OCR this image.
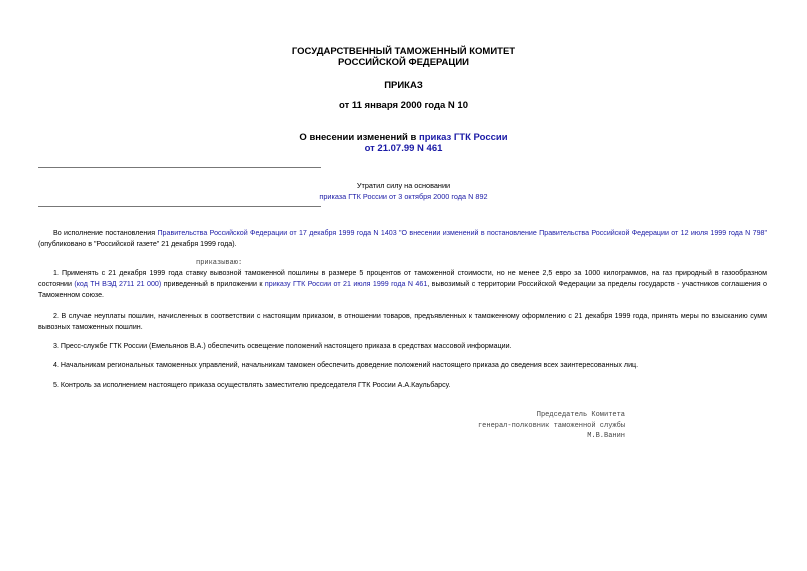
ГОСУДАРСТВЕННЫЙ ТАМОЖЕННЫЙ КОМИТЕТ
РОССИЙСКОЙ ФЕДЕРАЦИИ
ПРИКАЗ
от 11 января 2000 года N 10
О внесении изменений в приказ ГТК России
от 21.07.99 N 461
Утратил силу на основании
приказа ГТК России от 3 октября 2000 года N 892
Во исполнение постановления Правительства Российской Федерации от 17 декабря 1999 года N 1403 "О внесении изменений в постановление Правительства Российской Федерации от 12 июля 1999 года N 798" (опубликовано в "Российской газете" 21 декабря 1999 года).
приказываю:
1. Применять с 21 декабря 1999 года ставку вывозной таможенной пошлины в размере 5 процентов от таможенной стоимости, но не менее 2,5 евро за 1000 килограммов, на газ природный в газообразном состоянии (код ТН ВЭД 2711 21 000) приведенный в приложении к приказу ГТК России от 21 июля 1999 года N 461, вывозимый с территории Российской Федерации за пределы государств - участников соглашения о Таможенном союзе.
2. В случае неуплаты пошлин, начисленных в соответствии с настоящим приказом, в отношении товаров, предъявленных к таможенному оформлению с 21 декабря 1999 года, принять меры по взысканию сумм вывозных таможенных пошлин.
3. Пресс-службе ГТК России (Емельянов В.А.) обеспечить освещение положений настоящего приказа в средствах массовой информации.
4. Начальникам региональных таможенных управлений, начальникам таможен обеспечить доведение положений настоящего приказа до сведения всех заинтересованных лиц.
5. Контроль за исполнением настоящего приказа осуществлять заместителю председателя ГТК России А.А.Каульбарсу.
Председатель Комитета
генерал-полковник таможенной службы
М.В.Ванин
